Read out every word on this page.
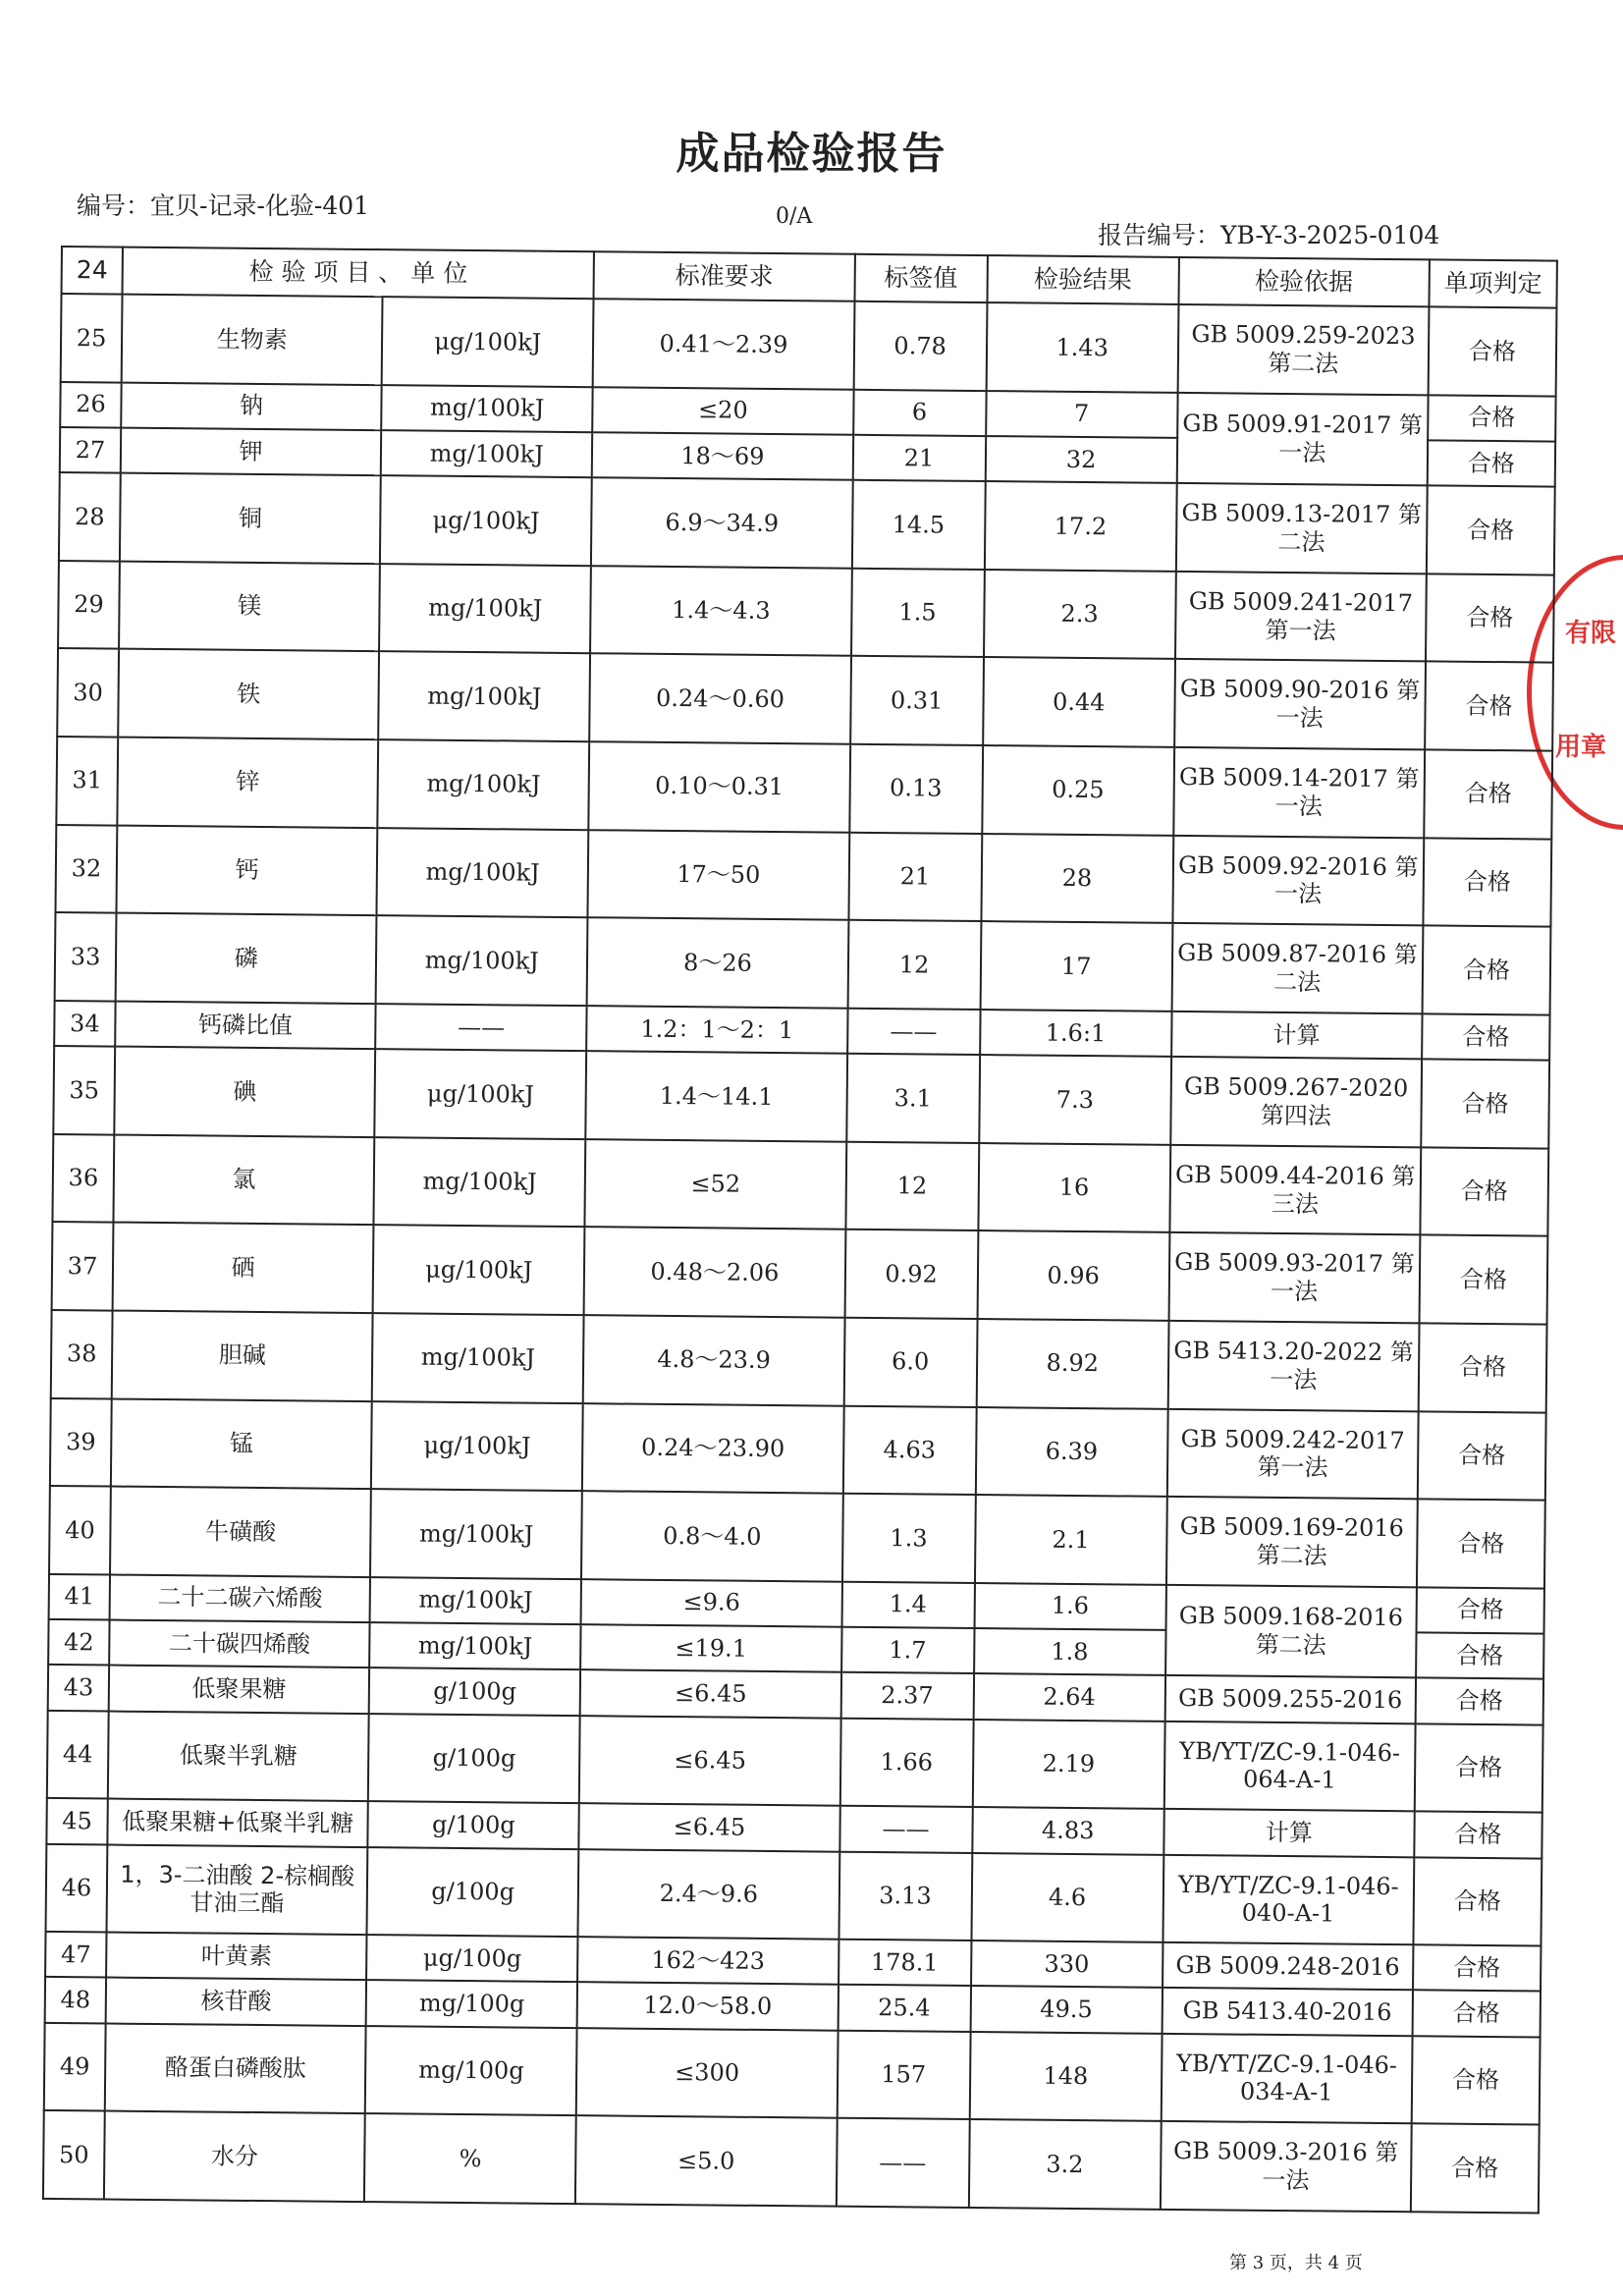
成品检验报告
编号：宜贝-记录-化验-401	0/A
报告编号：YB-Y-3-2025-0104
有限
用章
24	检 验 项 目 、 单 位		标准要求	标签值	检验结果	检验依据	单项判定
25	生物素	μg/100kJ	0.41～2.39	0.78	1.43	GB 5009.259-2023 第二法	合格
26	钠	mg/100kJ	≤20	6	7	GB 5009.91-2017 第一法	合格
27	钾	mg/100kJ	18～69	21	32		合格
28	铜	μg/100kJ	6.9～34.9	14.5	17.2	GB 5009.13-2017 第二法	合格
29	镁	mg/100kJ	1.4～4.3	1.5	2.3	GB 5009.241-2017 第一法	合格
30	铁	mg/100kJ	0.24～0.60	0.31	0.44	GB 5009.90-2016 第一法	合格
31	锌	mg/100kJ	0.10～0.31	0.13	0.25	GB 5009.14-2017 第一法	合格
32	钙	mg/100kJ	17～50	21	28	GB 5009.92-2016 第一法	合格
33	磷	mg/100kJ	8～26	12	17	GB 5009.87-2016 第二法	合格
34	钙磷比值	——	1.2：1～2：1	——	1.6:1	计算	合格
35	碘	μg/100kJ	1.4～14.1	3.1	7.3	GB 5009.267-2020 第四法	合格
36	氯	mg/100kJ	≤52	12	16	GB 5009.44-2016 第三法	合格
37	硒	μg/100kJ	0.48～2.06	0.92	0.96	GB 5009.93-2017 第一法	合格
38	胆碱	mg/100kJ	4.8～23.9	6.0	8.92	GB 5413.20-2022 第一法	合格
39	锰	μg/100kJ	0.24～23.90	4.63	6.39	GB 5009.242-2017 第一法	合格
40	牛磺酸	mg/100kJ	0.8～4.0	1.3	2.1	GB 5009.169-2016 第二法	合格
41	二十二碳六烯酸	mg/100kJ	≤9.6	1.4	1.6	GB 5009.168-2016 第二法	合格
42	二十碳四烯酸	mg/100kJ	≤19.1	1.7	1.8		合格
43	低聚果糖	g/100g	≤6.45	2.37	2.64	GB 5009.255-2016	合格
44	低聚半乳糖	g/100g	≤6.45	1.66	2.19	YB/YT/ZC-9.1-046-064-A-1	合格
45	低聚果糖+低聚半乳糖	g/100g	≤6.45	——	4.83	计算	合格
46	1，3-二油酸 2-棕榈酸甘油三酯	g/100g	2.4～9.6	3.13	4.6	YB/YT/ZC-9.1-046-040-A-1	合格
47	叶黄素	μg/100g	162～423	178.1	330	GB 5009.248-2016	合格
48	核苷酸	mg/100g	12.0～58.0	25.4	49.5	GB 5413.40-2016	合格
49	酪蛋白磷酸肽	mg/100g	≤300	157	148	YB/YT/ZC-9.1-046-034-A-1	合格
50	水分	%	≤5.0	——	3.2	GB 5009.3-2016 第一法	合格
第 3 页，共 4 页
